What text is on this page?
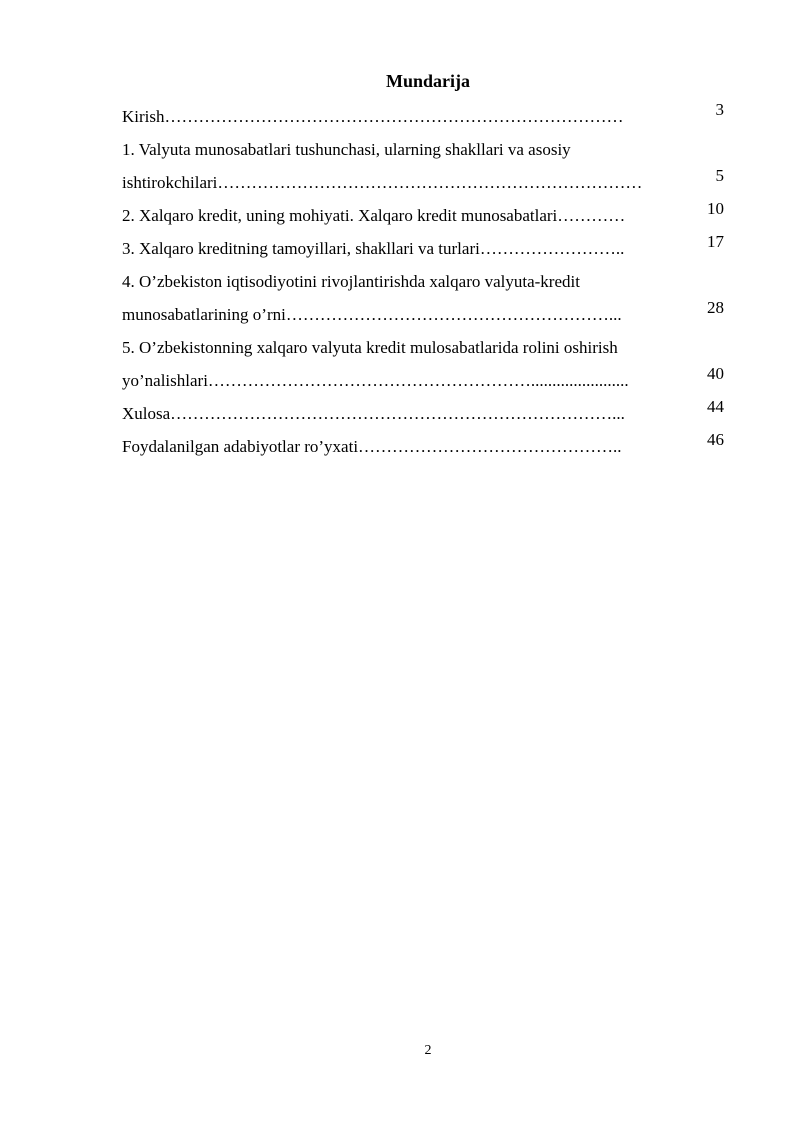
Mundarija
Kirish………………………………………………………………………	3
1. Valyuta munosabatlari tushunchasi, ularning shakllari va asosiy
ishtirokchilari…………………………………………………………………	5
2. Xalqaro kredit, uning mohiyati. Xalqaro kredit munosabatlari…………	10
3. Xalqaro kreditning tamoyillari, shakllari va turlari……………………..	17
4. O’zbekiston iqtisodiyotini rivojlantirishda xalqaro valyuta-kredit
munosabatlarining o’rni…………………………………………………...	28
5. O’zbekistonning xalqaro valyuta kredit mulosabatlarida rolini oshirish
yo’nalishlari………………………………………………….......................	40
Xulosa……………………………………………………………………...	44
Foydalanilgan adabiyotlar ro’yxati………………………………………..	46
2
